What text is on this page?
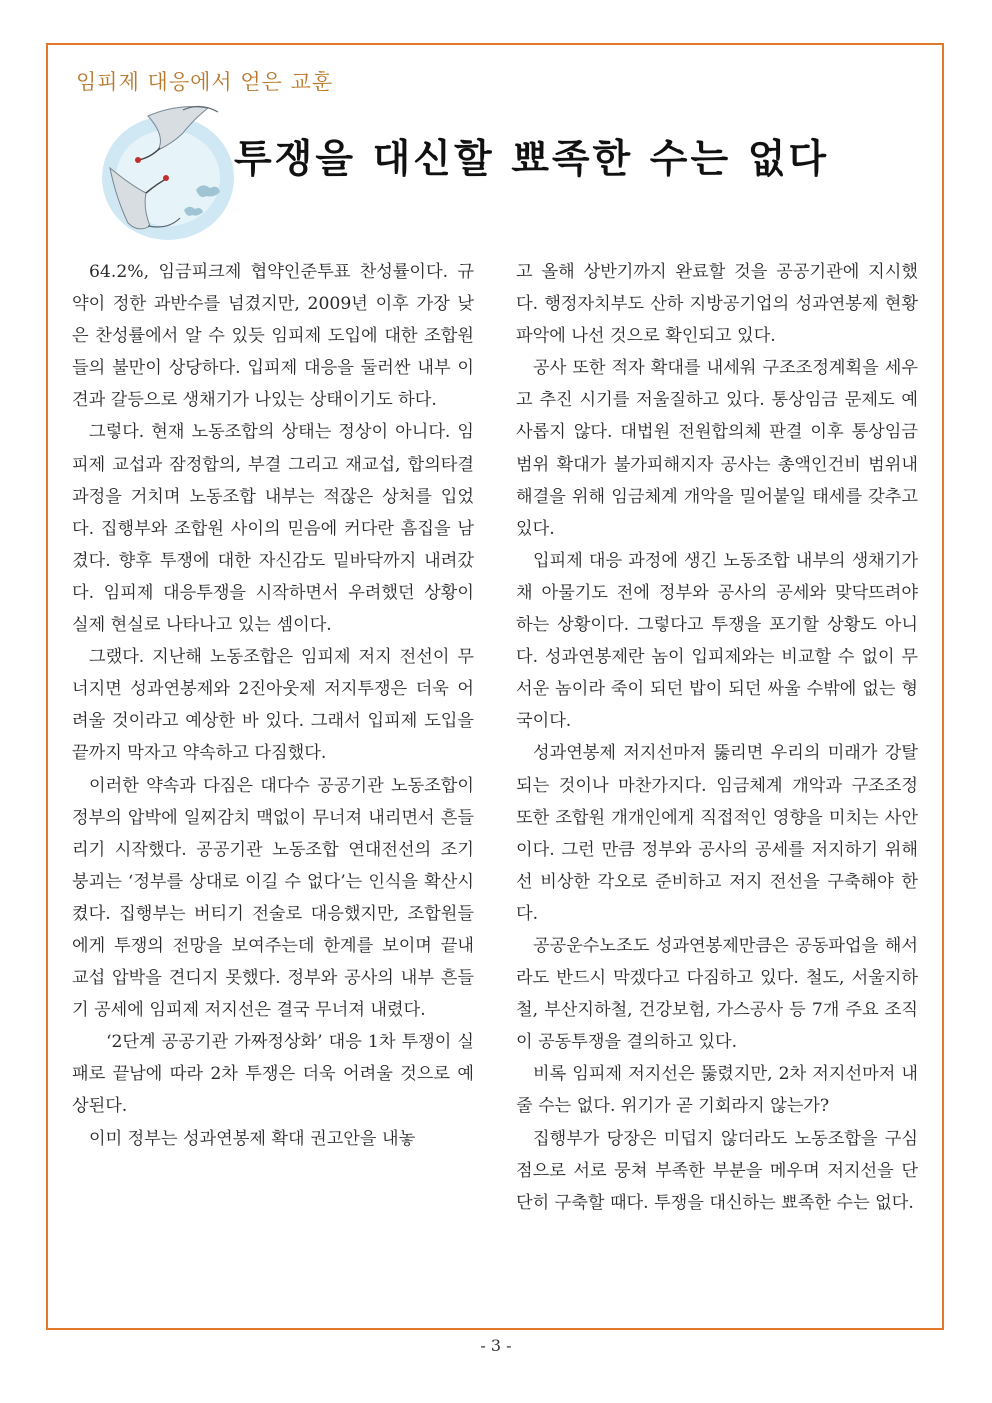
임피제 대응에서 얻은 교훈
투쟁을 대신할 뾰족한 수는 없다

64.2%, 임금피크제 협약인준투표 찬성률이다. 규약이 정한 과반수를 넘겼지만, 2009년 이후 가장 낮은 찬성률에서 알 수 있듯 임피제 도입에 대한 조합원들의 불만이 상당하다. 입피제 대응을 둘러싼 내부 이견과 갈등으로 생채기가 나있는 상태이기도 하다.

그렇다. 현재 노동조합의 상태는 정상이 아니다. 임피제 교섭과 잠정합의, 부결 그리고 재교섭, 합의타결 과정을 거치며 노동조합 내부는 적잖은 상처를 입었다. 집행부와 조합원 사이의 믿음에 커다란 흠집을 남겼다. 향후 투쟁에 대한 자신감도 밑바닥까지 내려갔다. 임피제 대응투쟁을 시작하면서 우려했던 상황이 실제 현실로 나타나고 있는 셈이다.

그랬다. 지난해 노동조합은 임피제 저지 전선이 무너지면 성과연봉제와 2진아웃제 저지투쟁은 더욱 어려울 것이라고 예상한 바 있다. 그래서 입피제 도입을 끝까지 막자고 약속하고 다짐했다.

이러한 약속과 다짐은 대다수 공공기관 노동조합이 정부의 압박에 일찌감치 맥없이 무너져 내리면서 흔들리기 시작했다. 공공기관 노동조합 연대전선의 조기 붕괴는 ‘정부를 상대로 이길 수 없다’는 인식을 확산시켰다. 집행부는 버티기 전술로 대응했지만, 조합원들에게 투쟁의 전망을 보여주는데 한계를 보이며 끝내 교섭 압박을 견디지 못했다. 정부와 공사의 내부 흔들기 공세에 임피제 저지선은 결국 무너져 내렸다.

‘2단계 공공기관 가짜정상화’ 대응 1차 투쟁이 실패로 끝남에 따라 2차 투쟁은 더욱 어려울 것으로 예상된다.

이미 정부는 성과연봉제 확대 권고안을 내놓

고 올해 상반기까지 완료할 것을 공공기관에 지시했다. 행정자치부도 산하 지방공기업의 성과연봉제 현황 파악에 나선 것으로 확인되고 있다.

공사 또한 적자 확대를 내세워 구조조정계획을 세우고 추진 시기를 저울질하고 있다. 통상임금 문제도 예사롭지 않다. 대법원 전원합의체 판결 이후 통상임금 범위 확대가 불가피해지자 공사는 총액인건비 범위내 해결을 위해 임금체계 개악을 밀어붙일 태세를 갖추고 있다.

입피제 대응 과정에 생긴 노동조합 내부의 생채기가 채 아물기도 전에 정부와 공사의 공세와 맞닥뜨려야 하는 상황이다. 그렇다고 투쟁을 포기할 상황도 아니다. 성과연봉제란 놈이 입피제와는 비교할 수 없이 무서운 놈이라 죽이 되던 밥이 되던 싸울 수밖에 없는 형국이다.

성과연봉제 저지선마저 뚫리면 우리의 미래가 강탈되는 것이나 마찬가지다. 임금체계 개악과 구조조정 또한 조합원 개개인에게 직접적인 영향을 미치는 사안이다. 그런 만큼 정부와 공사의 공세를 저지하기 위해선 비상한 각오로 준비하고 저지 전선을 구축해야 한다.

공공운수노조도 성과연봉제만큼은 공동파업을 해서라도 반드시 막겠다고 다짐하고 있다. 철도, 서울지하철, 부산지하철, 건강보험, 가스공사 등 7개 주요 조직이 공동투쟁을 결의하고 있다.

비록 임피제 저지선은 뚫렸지만, 2차 저지선마저 내줄 수는 없다. 위기가 곧 기회라지 않는가?

집행부가 당장은 미덥지 않더라도 노동조합을 구심점으로 서로 뭉쳐 부족한 부분을 메우며 저지선을 단단히 구축할 때다. 투쟁을 대신하는 뾰족한 수는 없다.

- 3 -
